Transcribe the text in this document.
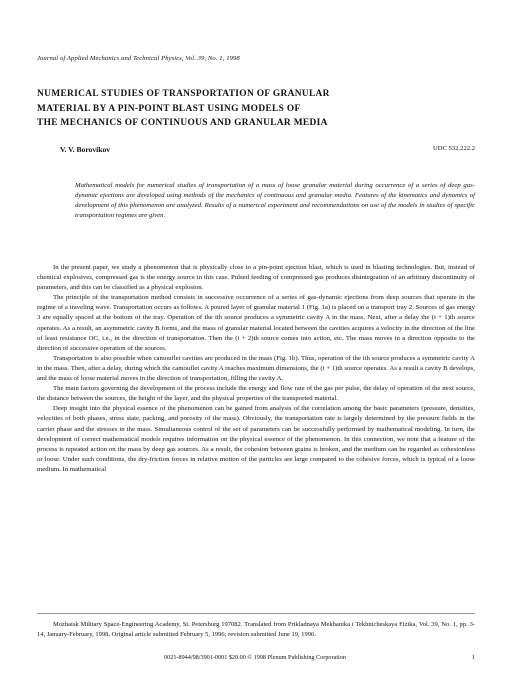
Journal of Applied Mechanics and Technical Physics, Vol. 39, No. 1, 1998
NUMERICAL STUDIES OF TRANSPORTATION OF GRANULAR
MATERIAL BY A PIN-POINT BLAST USING MODELS OF
THE MECHANICS OF CONTINUOUS AND GRANULAR MEDIA
V. V. Borovikov	UDC 532.222.2
Mathematical models for numerical studies of transportation of a mass of loose granular material during occurrence of a series of deep gas-dynamic ejections are developed using methods of the mechanics of continuous and granular media. Features of the kinematics and dynamics of development of this phenomenon are analyzed. Results of a numerical experiment and recommendations on use of the models in studies of specific transportation regimes are given.

In the present paper, we study a phenomenon that is physically close to a pin-point ejection blast, which is used in blasting technologies. But, instead of chemical explosives, compressed gas is the energy source in this case. Pulsed feeding of compressed gas produces disintegration of an arbitrary discontinuity of parameters, and this can be classified as a physical explosion.

The principle of the transportation method consists in successive occurrence of a series of gas-dynamic ejections from deep sources that operate in the regime of a traveling wave. Transportation occurs as follows. A poured layer of granular material 1 (Fig. 1a) is placed on a transport tray 2. Sources of gas energy 3 are equally spaced at the bottom of the tray. Operation of the ith source produces a symmetric cavity A in the mass. Next, after a delay the (i + 1)th source operates. As a result, an asymmetric cavity B forms, and the mass of granular material located between the cavities acquires a velocity in the direction of the line of least resistance OC, i.e., in the direction of transportation. Then the (i + 2)th source comes into action, etc. The mass moves in a direction opposite to the direction of successive operation of the sources.

Transportation is also possible when camouflet cavities are produced in the mass (Fig. 1b). Thus, operation of the ith source produces a symmetric cavity A in the mass. Then, after a delay, during which the camouflet cavity A reaches maximum dimensions, the (i + 1)th source operates. As a result a cavity B develops, and the mass of loose material moves in the direction of transportation, filling the cavity A.

The main factors governing the development of the process include the energy and flow rate of the gas per pulse, the delay of operation of the next source, the distance between the sources, the height of the layer, and the physical properties of the transported material.

Deep insight into the physical essence of the phenomenon can be gained from analysis of the correlation among the basic parameters (pressure, densities, velocities of both phases, stress state, packing, and porosity of the mass). Obviously, the transportation rate is largely determined by the pressure fields in the carrier phase and the stresses in the mass. Simultaneous control of the set of parameters can be successfully performed by mathematical modeling. In turn, the development of correct mathematical models requires information on the physical essence of the phenomenon. In this connection, we note that a feature of the process is repeated action on the mass by deep gas sources. As a result, the cohesion between grains is broken, and the medium can be regarded as cohesionless or loose. Under such conditions, the dry-friction forces in relative motion of the particles are large compared to the cohesive forces, which is typical of a loose medium. In mathematical

Mozhaisk Military Space-Engineering Academy, St. Petersburg 197082. Translated from Prikladnaya Mekhanika i Tekhnicheskaya Fizika, Vol. 39, No. 1, pp. 3-14, January-February, 1998. Original article submitted February 5, 1996; revision submitted June 19, 1996.
0021-8944/98/3901-0001 $20.00 © 1998 Plenum Publishing Corporation	1
